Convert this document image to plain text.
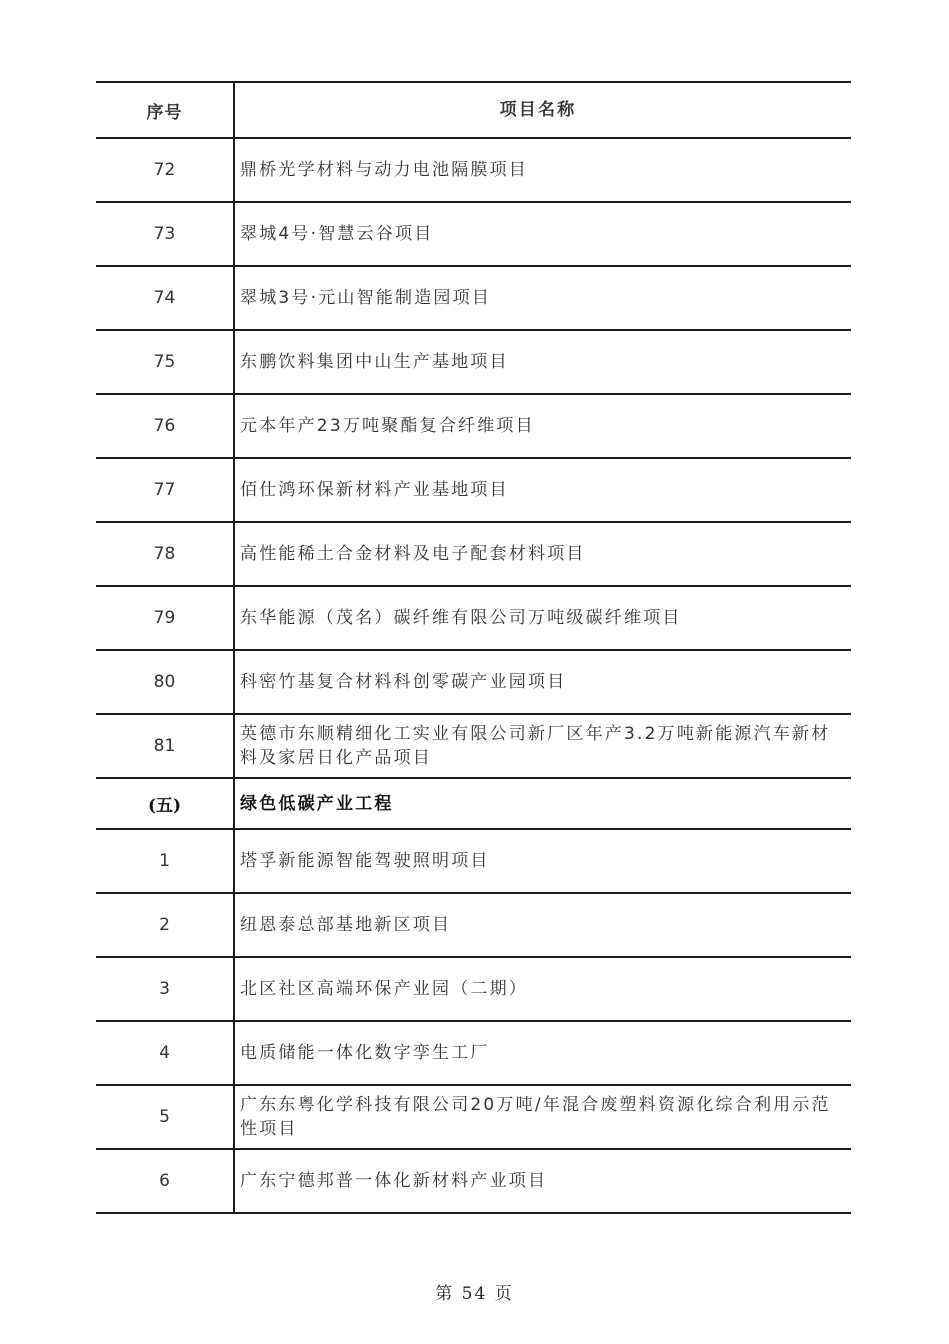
序号	项目名称
72	鼎桥光学材料与动力电池隔膜项目
73	翠城4号·智慧云谷项目
74	翠城3号·元山智能制造园项目
75	东鹏饮料集团中山生产基地项目
76	元本年产23万吨聚酯复合纤维项目
77	佰仕鸿环保新材料产业基地项目
78	高性能稀土合金材料及电子配套材料项目
79	东华能源（茂名）碳纤维有限公司万吨级碳纤维项目
80	科密竹基复合材料科创零碳产业园项目
81	英德市东顺精细化工实业有限公司新厂区年产3.2万吨新能源汽车新材料及家居日化产品项目
(五)	绿色低碳产业工程
1	塔孚新能源智能驾驶照明项目
2	纽恩泰总部基地新区项目
3	北区社区高端环保产业园（二期）
4	电质储能一体化数字孪生工厂
5	广东东粤化学科技有限公司20万吨/年混合废塑料资源化综合利用示范性项目
6	广东宁德邦普一体化新材料产业项目
第 54 页
